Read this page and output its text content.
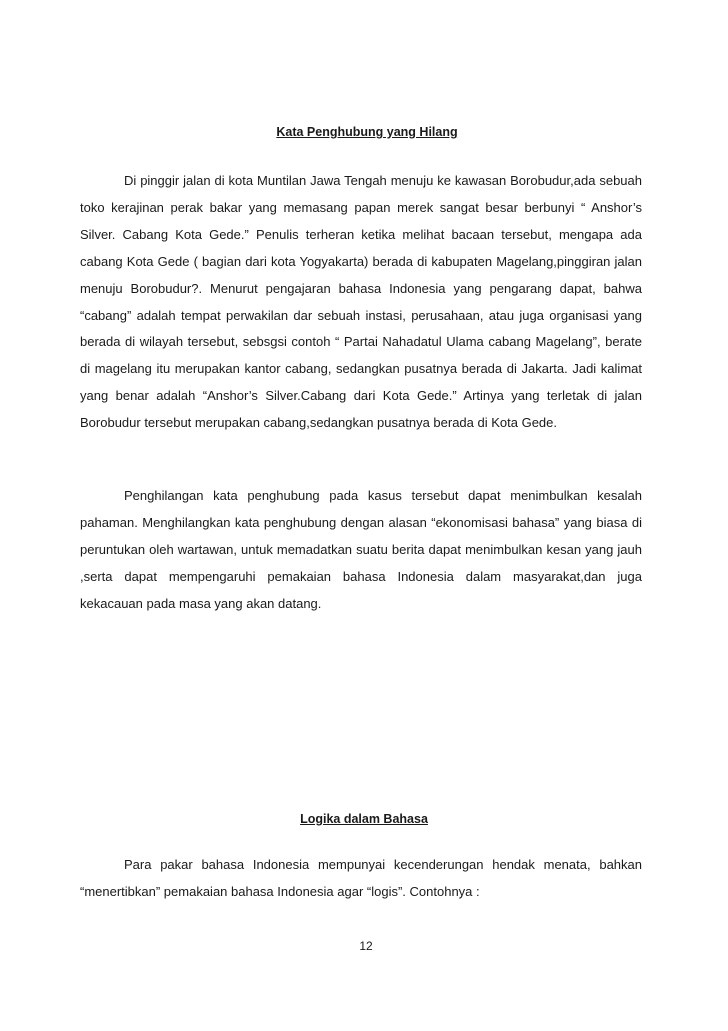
Kata Penghubung yang Hilang

Di pinggir jalan di kota Muntilan Jawa Tengah menuju ke kawasan Borobudur,ada sebuah toko kerajinan perak bakar yang memasang papan merek sangat besar berbunyi “ Anshor’s Silver. Cabang Kota Gede.” Penulis terheran ketika melihat bacaan tersebut, mengapa ada cabang Kota Gede ( bagian dari kota Yogyakarta) berada di kabupaten Magelang,pinggiran jalan menuju Borobudur?. Menurut pengajaran bahasa Indonesia yang pengarang dapat, bahwa “cabang” adalah tempat perwakilan dar sebuah instasi, perusahaan, atau juga organisasi yang berada di wilayah tersebut, sebsgsi contoh “ Partai Nahadatul Ulama cabang Magelang”, berate di magelang itu merupakan kantor cabang, sedangkan pusatnya berada di Jakarta. Jadi kalimat yang benar adalah “Anshor’s Silver.Cabang dari Kota Gede.” Artinya yang terletak di jalan Borobudur tersebut merupakan cabang,sedangkan pusatnya berada di Kota Gede.

Penghilangan kata penghubung pada kasus tersebut dapat menimbulkan kesalah pahaman. Menghilangkan kata penghubung dengan alasan “ekonomisasi bahasa” yang biasa di peruntukan oleh wartawan, untuk memadatkan suatu berita dapat menimbulkan kesan yang jauh ,serta dapat mempengaruhi pemakaian bahasa Indonesia dalam masyarakat,dan juga kekacauan pada masa yang akan datang.

Logika dalam Bahasa

Para pakar bahasa Indonesia mempunyai kecenderungan hendak menata, bahkan “menertibkan” pemakaian bahasa Indonesia agar “logis”. Contohnya :

12
